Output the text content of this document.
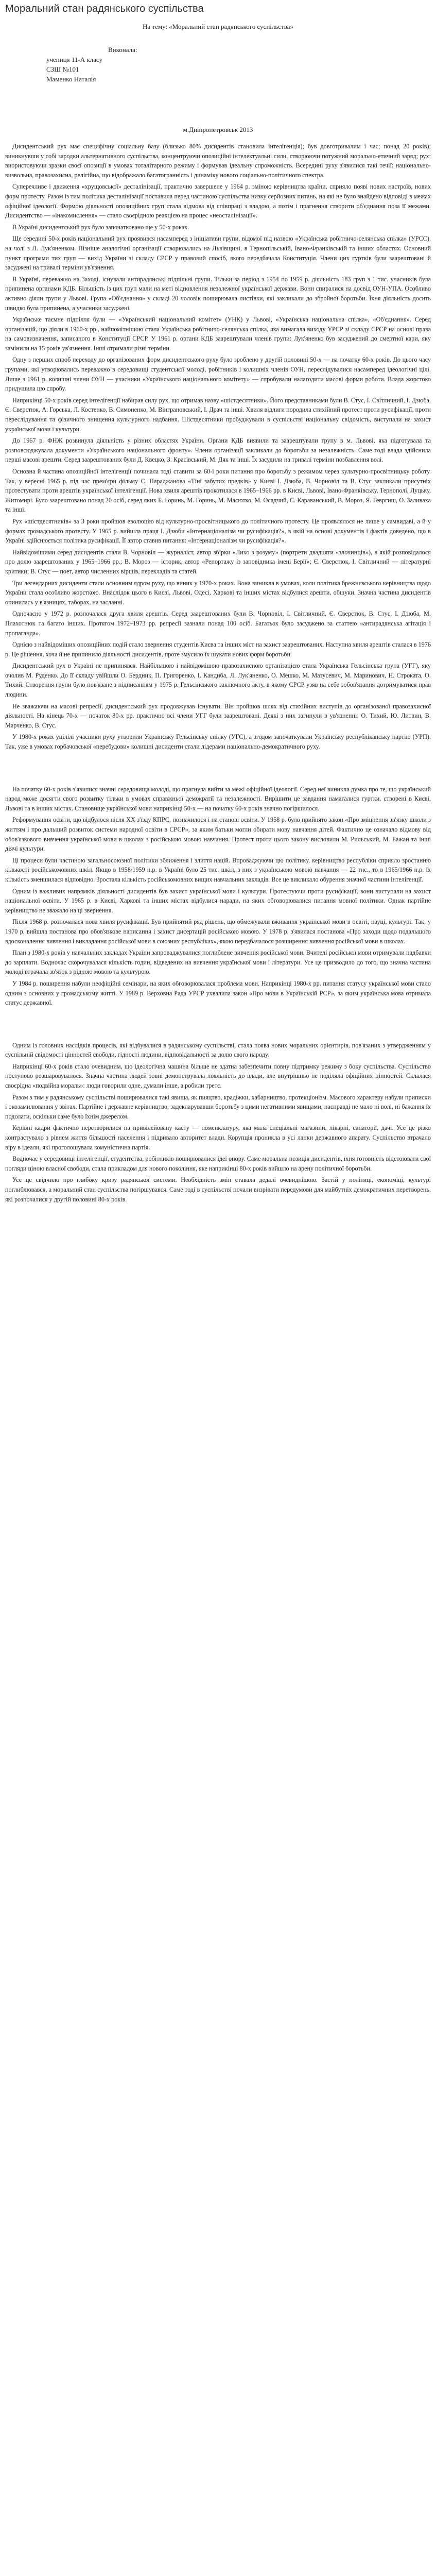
Моральний стан радянського суспільства
На тему: «Моральний стан радянського суспільства»
Виконала:
учениця 11-А класу
СЗШ №101
Маменко Наталія
м.Дніпропетровськ 2013

Дисидентський рух має специфічну соціальну базу (близько 80% дисидентів становила інтелігенція); був довготривалим і час; понад 20 років); виникнувши у собі зародки альтернативного суспільства, концентруючи опозиційні інтелектуальні сили, створюючи потужний морально-етичний заряд; рух; виористовуючи зразки своєї опозиції в умовах тоталітарного режиму і формував ідеальну спроможність. Всередині руху з'явилися такі течії: національно-визвольна, правозахисна, релігійна, що відображало багатогранність і динаміку нового соціально-політичного спектра.

Суперечливе і движення «хрущовської» десталінізації, практично завершене у 1964 р. зміною керівництва країни, сприяло появі нових настроїв, нових форм протесту. Разом із тим політика десталінізації поставила перед частиною суспільства низку серйозних питань, на які не було знайдено відповіді в межах офіційної ідеології. Формою діяльності опозиційних груп стала відмова від співпраці з владою, а потім і прагнення створити об'єднання поза її межами. Дисидентство — «інакомислення» — стало своєрідною реакцією на процес «неосталінізації».

В Україні дисидентський рух було започатковано ще у 50-х роках.

Ще середині 50-х років національний рух проявився насамперед з ініціативи групи, відомої під назвою «Українська робітничо-селянська спілка» (УРСС), на чолі з Л. Лук'яненком. Пізніше аналогічні організації створювались на Львівщині, в Тернопільській, Івано-Франківській та інших областях. Основний пункт програми тих груп — вихід України зі складу СРСР у правовий спосіб, якого передбачала Конституція. Члени цих гуртків були заарештовані й засуджені на тривалі терміни ув'язнення.

В Україні, переважно на Заході, існували антирадянські підпільні групи. Тільки за період з 1954 по 1959 р. діяльність 183 груп з 1 тис. учасників була припинена органами КДБ. Більшість із цих груп мали на меті відновлення незалежної української держави. Вони спиралися на досвід ОУН-УПА. Особливо активно діяли групи у Львові. Група «Об'єднання» у складі 20 чоловік поширювала листівки, які закликали до збройної боротьби. Їхня діяльність досить швидко була припинена, а учасники засуджені.

Українське таємне підпілля були — «Український національний комітет» (УНК) у Львові, «Українська національна спілка», «Об'єднання». Серед організацій, що діяли в 1960-х рр., найпомітнішою стала Українська робітничо-селянська спілка, яка вимагала виходу УРСР зі складу СРСР на основі права на самовизначення, записаного в Конституції СРСР. У 1961 р. органи КДБ заарештували членів групи: Лук'яненко був засуджений до смертної кари, яку замінили на 15 років ув'язнення. Інші отримали різні терміни.

Одну з перших спроб переходу до організованих форм дисидентського руху було зроблено у другій половині 50-х — на початку 60-х років. До цього часу групами, які утворювались переважно в середовищі студентської молоді, робітників і колишніх членів ОУН, переслідувалися насамперед ідеологічні цілі. Лише з 1961 р. колишні члени ОУН — учасники «Українського національного комітету» — спробували налагодити масові форми роботи. Влада жорстоко придушила цю спробу.

Наприкінці 50-х років серед інтелігенції набирав силу рух, що отримав назву «шістдесятники». Його представниками були В. Стус, І. Світличний, І. Дзюба, Є. Сверстюк, А. Горська, Л. Костенко, В. Симоненко, М. Вінграновський, І. Драч та інші. Хвиля відлиги породила стихійний протест проти русифікації, проти переслідування та фізичного знищення культурного надбання. Шістдесятники пробуджували в суспільстві національну свідомість, виступали на захист української мови і культури.

До 1967 р. ФНЖ розвинула діяльність у різних областях України. Органи КДБ виявили та заарештували групу в м. Львові, яка підготувала та розповсюджувала документи «Українського національного фронту». Члени організації закликали до боротьби за незалежність. Саме тоді влада здійснила перші масові арешти. Серед заарештованих були Д. Квецко, З. Красівський, М. Дяк та інші. Їх засудили на тривалі терміни позбавлення волі.

Основна й частина опозиційної інтелігенції починала тоді ставити за 60-і роки питання про боротьбу з режимом через культурно-просвітницьку роботу. Так, у вересні 1965 р. під час прем'єри фільму С. Параджанова «Тіні забутих предків» у Києві І. Дзюба, В. Чорновіл та В. Стус закликали присутніх протестувати проти арештів української інтелігенції. Нова хвиля арештів прокотилася в 1965–1966 рр. в Києві, Львові, Івано-Франківську, Тернополі, Луцьку, Житомирі. Було заарештовано понад 20 осіб, серед яких Б. Горинь, М. Горинь, М. Масютко, М. Осадчий, С. Караванський, В. Мороз, Я. Гевргиш, О. Заливаха та інші.

Рух «шістдесятників» за 3 роки пройшов еволюцію від культурно-просвітницького до політичного протесту. Це проявлялося не лише у самвидаві, а й у формах громадського протесту. У 1965 р. вийшла праця І. Дзюби «Інтернаціоналізм чи русифікація?», в якій на основі документів і фактів доведено, що в Україні здійснюється політика русифікації. Її автор ставив питання: «Інтернаціоналізм чи русифікація?».

Найвідомішими серед дисидентів стали В. Чорновіл — журналіст, автор збірки «Лихо з розуму» (портрети двадцяти «злочинців»), в якій розповідалося про долю заарештованих у 1965–1966 рр.; В. Мороз — історик, автор «Репортажу із заповідника імені Берії»; Є. Сверстюк, І. Світличний — літературні критики; В. Стус — поет, автор численних віршів, перекладів та статей.

Три легендарних дисиденти стали основним ядром руху, що виник у 1970-х роках. Вона виникла в умовах, коли політика брежнєвського керівництва щодо України стала особливо жорсткою. Внаслідок цього в Києві, Львові, Одесі, Харкові та інших містах відбулися арешти, обшуки. Значна частина дисидентів опинилась у в'язницях, таборах, на засланні.

Одночасно у 1972 р. розпочалася друга хвиля арештів. Серед заарештованих були В. Чорновіл, І. Світличний, Є. Сверстюк, В. Стус, І. Дзюба, М. Плахотнюк та багато інших. Протягом 1972–1973 рр. репресії зазнали понад 100 осіб. Багатьох було засуджено за статтею «антирадянська агітація і пропаганда».

Однією з найвідоміших опозиційних подій стало звернення студентів Києва та інших міст на захист заарештованих. Наступна хвиля арештів сталася в 1976 р. Це рішення, хоча й не припинило діяльності дисидентів, проте змусило їх шукати нових форм боротьби.

Дисидентський рух в Україні не припинявся. Найбільшою і найвідомішою правозахисною організацією стала Українська Гельсінська група (УГГ), яку очолив М. Руденко. До її складу увійшли О. Бердник, П. Григоренко, І. Кандиба, Л. Лук'яненко, О. Мешко, М. Матусевич, М. Маринович, Н. Строката, О. Тихий. Створення групи було пов'язане з підписанням у 1975 р. Гельсінського заключного акту, в якому СРСР узяв на себе зобов'язання дотримуватися прав людини.

Не зважаючи на масові репресії, дисидентський рух продовжував існувати. Він пройшов шлях від стихійних виступів до організованої правозахисної діяльності. На кінець 70-х — початок 80-х рр. практично всі члени УГГ були заарештовані. Деякі з них загинули в ув'язненні: О. Тихий, Ю. Литвин, В. Марченко, В. Стус.

У 1980-х роках уцілілі учасники руху утворили Українську Гельсінську спілку (УГС), а згодом започаткували Українську республіканську партію (УРП). Так, уже в умовах горбачовської «перебудови» колишні дисиденти стали лідерами національно-демократичного руху.

На початку 60-х років з'явилися значні середовища молоді, що прагнула вийти за межі офіційної ідеології. Серед неї виникла думка про те, що український народ може досягти свого розвитку тільки в умовах справжньої демократії та незалежності. Вирішити це завдання намагалися гуртки, створені в Києві, Львові та в інших містах. Становище української мови наприкінці 50-х — на початку 60-х років значно погіршилося.

Реформування освіти, що відбулося після XX з'їзду КПРС, позначилося і на станові освіти. У 1958 р. було прийнято закон «Про зміцнення зв'язку школи з життям і про дальший розвиток системи народної освіти в СРСР», за яким батьки могли обирати мову навчання дітей. Фактично це означало відмову від обов'язкового вивчення української мови в школах з російською мовою навчання. Протест проти цього закону висловили М. Рильський, М. Бажан та інші діячі культури.

Ці процеси були частиною загальносоюзної політики зближення і злиття націй. Впроваджуючи цю політику, керівництво республіки сприяло зростанню кількості російськомовних шкіл. Якщо в 1958/1959 н.р. в Україні було 25 тис. шкіл, з них з українською мовою навчання — 22 тис., то в 1965/1966 н.р. їх кількість зменшилася відповідно. Зростала кількість російськомовних вищих навчальних закладів. Все це викликало обурення значної частини інтелігенції.

Одним із важливих напрямків діяльності дисидентів був захист української мови і культури. Протестуючи проти русифікації, вони виступали на захист національної освіти. У 1965 р. в Києві, Харкові та інших містах відбулися наради, на яких обговорювалися питання мовної політики. Однак партійне керівництво не зважало на ці звернення.

Після 1968 р. розпочалася нова хвиля русифікації. Був прийнятий ряд рішень, що обмежували вживання української мови в освіті, науці, культурі. Так, у 1970 р. вийшла постанова про обов'язкове написання і захист дисертацій російською мовою. У 1978 р. з'явилася постанова «Про заходи щодо подальшого вдосконалення вивчення і викладання російської мови в союзних республіках», якою передбачалося розширення вивчення російської мови в школах.

План з 1980-х років у навчальних закладах України запроваджувалися поглиблене вивчення російської мови. Вчителі російської мови отримували надбавки до зарплати. Водночас скорочувалася кількість годин, відведених на вивчення української мови і літератури. Усе це призводило до того, що значна частина молоді втрачала зв'язок з рідною мовою та культурою.

У 1984 р. поширення набули неофіційні семінари, на яких обговорювалася проблема мови. Наприкінці 1980-х рр. питання статусу української мови стало одним з основних у громадському житті. У 1989 р. Верховна Рада УРСР ухвалила закон «Про мови в Українській РСР», за яким українська мова отримала статус державної.

Одним із головних наслідків процесів, які відбувалися в радянському суспільстві, стала поява нових моральних орієнтирів, пов'язаних з утвердженням у суспільній свідомості цінностей свободи, гідності людини, відповідальності за долю свого народу.

Наприкінці 60-х років стало очевидним, що ідеологічна машина більше не здатна забезпечити повну підтримку режиму з боку суспільства. Суспільство поступово розшаровувалося. Значна частина людей зовні демонструвала лояльність до влади, але внутрішньо не поділяла офіційних цінностей. Склалася своєрідна «подвійна мораль»: люди говорили одне, думали інше, а робили третє.

Разом з тим у радянському суспільстві поширювалися такі явища, як пияцтво, крадіжки, хабарництво, протекціонізм. Масового характеру набули приписки і окозамилювання у звітах. Партійне і державне керівництво, задекларувавши боротьбу з цими негативними явищами, насправді не мало ні волі, ні бажання їх подолати, оскільки саме було їхнім джерелом.

Керівні кадри фактично перетворилися на привілейовану касту — номенклатуру, яка мала спеціальні магазини, лікарні, санаторії, дачі. Усе це різко контрастувало з рівнем життя більшості населення і підривало авторитет влади. Корупція проникла в усі ланки державного апарату. Суспільство втрачало віру в ідеали, які проголошувала комуністична партія.

Водночас у середовищі інтелігенції, студентства, робітників поширювалися ідеї опору. Саме моральна позиція дисидентів, їхня готовність відстоювати свої погляди ціною власної свободи, стала прикладом для нового покоління, яке наприкінці 80-х років вийшло на арену політичної боротьби.

Усе це свідчило про глибоку кризу радянської системи. Необхідність змін ставала дедалі очевиднішою. Застій у політиці, економіці, культурі поглиблювався, а моральний стан суспільства погіршувався. Саме тоді в суспільстві почали визрівати передумови для майбутніх демократичних перетворень, які розпочалися у другій половині 80-х років.
